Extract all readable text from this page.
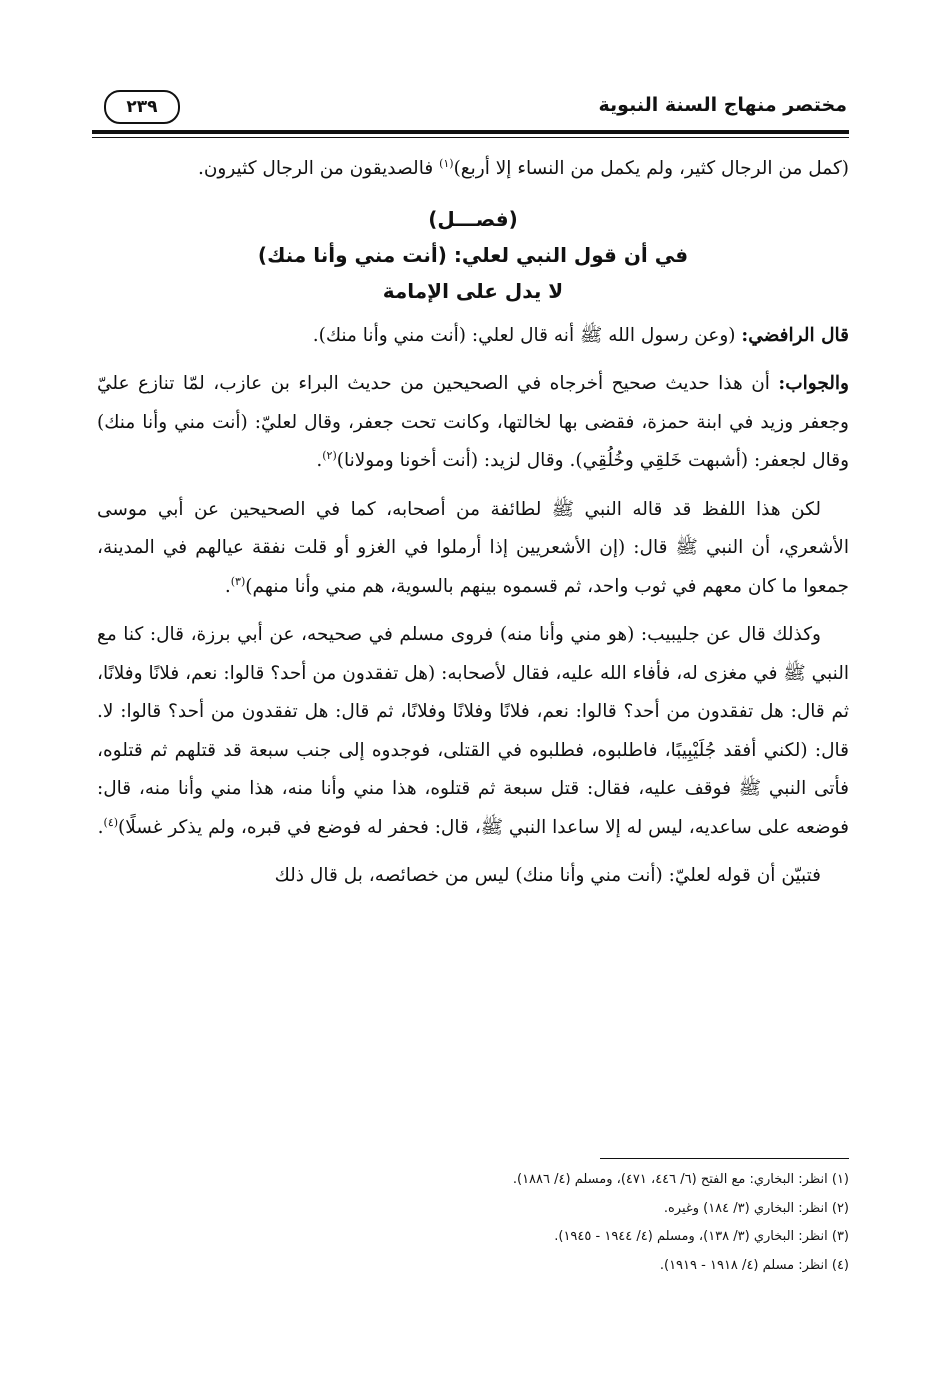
مختصر منهاج السنة النبوية
٢٣٩

(كمل من الرجال كثير، ولم يكمل من النساء إلا أربع)$^{(١)}$ فالصديقون من الرجال كثيرون.

(فصـــل)
في أن قول النبي لعلي: (أنت مني وأنا منك)
لا يدل على الإمامة

قال الرافضي: (وعن رسول الله ﷺ أنه قال لعلي: (أنت مني وأنا منك).

والجواب: أن هذا حديث صحيح أخرجاه في الصحيحين من حديث البراء بن عازب، لمّا تنازع عليّ وجعفر وزيد في ابنة حمزة، فقضى بها لخالتها، وكانت تحت جعفر، وقال لعليّ: (أنت مني وأنا منك) وقال لجعفر: (أشبهت خَلقِي وخُلُقِي). وقال لزيد: (أنت أخونا ومولانا)$^{(٢)}$.

لكن هذا اللفظ قد قاله النبي ﷺ لطائفة من أصحابه، كما في الصحيحين عن أبي موسى الأشعري، أن النبي ﷺ قال: (إن الأشعريين إذا أرملوا في الغزو أو قلت نفقة عيالهم في المدينة، جمعوا ما كان معهم في ثوب واحد، ثم قسموه بينهم بالسوية، هم مني وأنا منهم)$^{(٣)}$.

وكذلك قال عن جليبيب: (هو مني وأنا منه) فروى مسلم في صحيحه، عن أبي برزة، قال: كنا مع النبي ﷺ في مغزى له، فأفاء الله عليه، فقال لأصحابه: (هل تفقدون من أحد؟ قالوا: نعم، فلانًا وفلانًا، ثم قال: هل تفقدون من أحد؟ قالوا: نعم، فلانًا وفلانًا وفلانًا، ثم قال: هل تفقدون من أحد؟ قالوا: لا. قال: (لكني أفقد جُلَيْبِيبًا، فاطلبوه، فطلبوه في القتلى، فوجدوه إلى جنب سبعة قد قتلهم ثم قتلوه، فأتى النبي ﷺ فوقف عليه، فقال: قتل سبعة ثم قتلوه، هذا مني وأنا منه، هذا مني وأنا منه، قال: فوضعه على ساعديه، ليس له إلا ساعدا النبي ﷺ، قال: فحفر له فوضع في قبره، ولم يذكر غسلًا)$^{(٤)}$.

فتبيّن أن قوله لعليّ: (أنت مني وأنا منك) ليس من خصائصه، بل قال ذلك

(١) انظر: البخاري: مع الفتح (٦/ ٤٤٦، ٤٧١)، ومسلم (٤/ ١٨٨٦).
(٢) انظر: البخاري (٣/ ١٨٤) وغيره.
(٣) انظر: البخاري (٣/ ١٣٨)، ومسلم (٤/ ١٩٤٤ - ١٩٤٥).
(٤) انظر: مسلم (٤/ ١٩١٨ - ١٩١٩).
